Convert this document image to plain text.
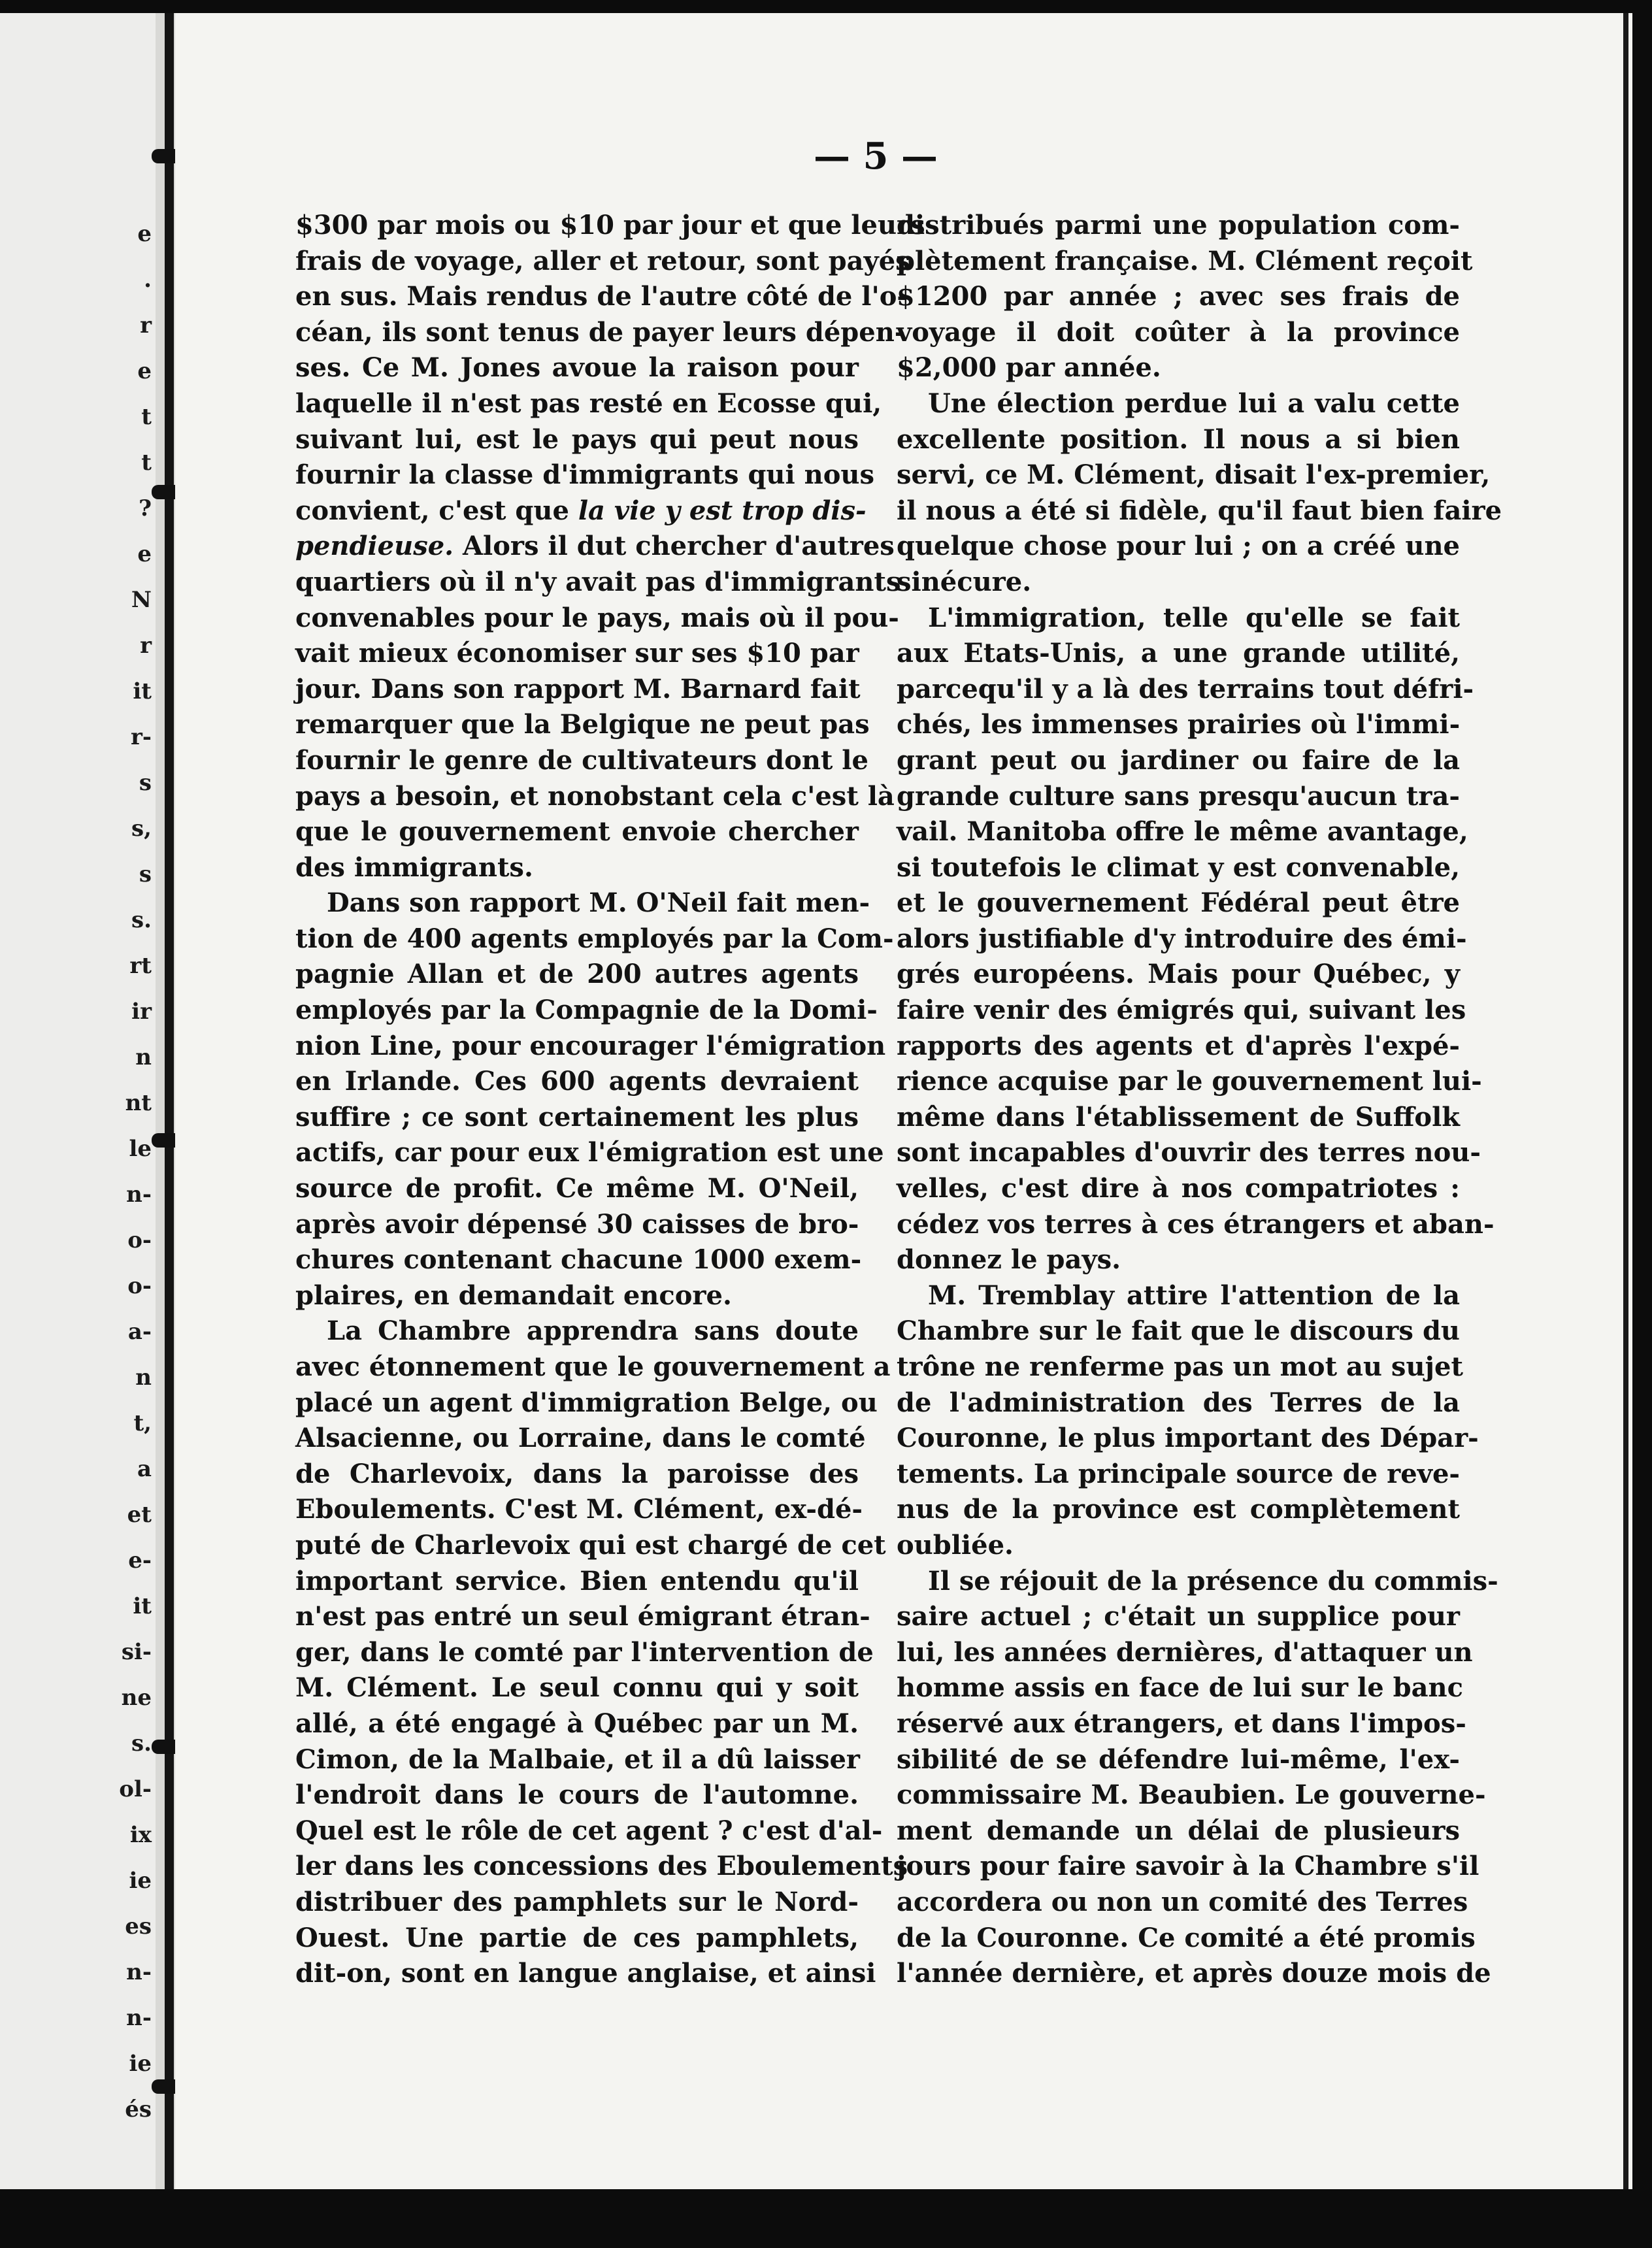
e
.
r
e
t
t
?
e
N
r
it
r-
s
s,
s
s.
rt
ir
n
nt
le
n-
o-
o-
a-
n
t,
a
et
e-
it
si-
ne
s.
ol-
ix
ie
es
n-
n-
ie
és
— 5 —
$300 par mois ou $10 par jour et que leurs
frais de voyage, aller et retour, sont payés
en sus. Mais rendus de l'autre côté de l'o-
céan, ils sont tenus de payer leurs dépen-
ses. Ce M. Jones avoue la raison pour
laquelle il n'est pas resté en Ecosse qui,
suivant lui, est le pays qui peut nous
fournir la classe d'immigrants qui nous
convient, c'est que la vie y est trop dis-
pendieuse. Alors il dut chercher d'autres
quartiers où il n'y avait pas d'immigrants
convenables pour le pays, mais où il pou-
vait mieux économiser sur ses $10 par
jour. Dans son rapport M. Barnard fait
remarquer que la Belgique ne peut pas
fournir le genre de cultivateurs dont le
pays a besoin, et nonobstant cela c'est là
que le gouvernement envoie chercher
des immigrants.
Dans son rapport M. O'Neil fait men-
tion de 400 agents employés par la Com-
pagnie Allan et de 200 autres agents
employés par la Compagnie de la Domi-
nion Line, pour encourager l'émigration
en Irlande. Ces 600 agents devraient
suffire ; ce sont certainement les plus
actifs, car pour eux l'émigration est une
source de profit. Ce même M. O'Neil,
après avoir dépensé 30 caisses de bro-
chures contenant chacune 1000 exem-
plaires, en demandait encore.
La Chambre apprendra sans doute
avec étonnement que le gouvernement a
placé un agent d'immigration Belge, ou
Alsacienne, ou Lorraine, dans le comté
de Charlevoix, dans la paroisse des
Eboulements. C'est M. Clément, ex-dé-
puté de Charlevoix qui est chargé de cet
important service. Bien entendu qu'il
n'est pas entré un seul émigrant étran-
ger, dans le comté par l'intervention de
M. Clément. Le seul connu qui y soit
allé, a été engagé à Québec par un M.
Cimon, de la Malbaie, et il a dû laisser
l'endroit dans le cours de l'automne.
Quel est le rôle de cet agent ? c'est d'al-
ler dans les concessions des Eboulements
distribuer des pamphlets sur le Nord-
Ouest. Une partie de ces pamphlets,
dit-on, sont en langue anglaise, et ainsi
distribués parmi une population com-
plètement française. M. Clément reçoit
$1200 par année ; avec ses frais de
voyage il doit coûter à la province
$2,000 par année.
Une élection perdue lui a valu cette
excellente position. Il nous a si bien
servi, ce M. Clément, disait l'ex-premier,
il nous a été si fidèle, qu'il faut bien faire
quelque chose pour lui ; on a créé une
sinécure.
L'immigration, telle qu'elle se fait
aux Etats-Unis, a une grande utilité,
parcequ'il y a là des terrains tout défri-
chés, les immenses prairies où l'immi-
grant peut ou jardiner ou faire de la
grande culture sans presqu'aucun tra-
vail. Manitoba offre le même avantage,
si toutefois le climat y est convenable,
et le gouvernement Fédéral peut être
alors justifiable d'y introduire des émi-
grés européens. Mais pour Québec, y
faire venir des émigrés qui, suivant les
rapports des agents et d'après l'expé-
rience acquise par le gouvernement lui-
même dans l'établissement de Suffolk
sont incapables d'ouvrir des terres nou-
velles, c'est dire à nos compatriotes :
cédez vos terres à ces étrangers et aban-
donnez le pays.
M. Tremblay attire l'attention de la
Chambre sur le fait que le discours du
trône ne renferme pas un mot au sujet
de l'administration des Terres de la
Couronne, le plus important des Dépar-
tements. La principale source de reve-
nus de la province est complètement
oubliée.
Il se réjouit de la présence du commis-
saire actuel ; c'était un supplice pour
lui, les années dernières, d'attaquer un
homme assis en face de lui sur le banc
réservé aux étrangers, et dans l'impos-
sibilité de se défendre lui-même, l'ex-
commissaire M. Beaubien. Le gouverne-
ment demande un délai de plusieurs
jours pour faire savoir à la Chambre s'il
accordera ou non un comité des Terres
de la Couronne. Ce comité a été promis
l'année dernière, et après douze mois de
